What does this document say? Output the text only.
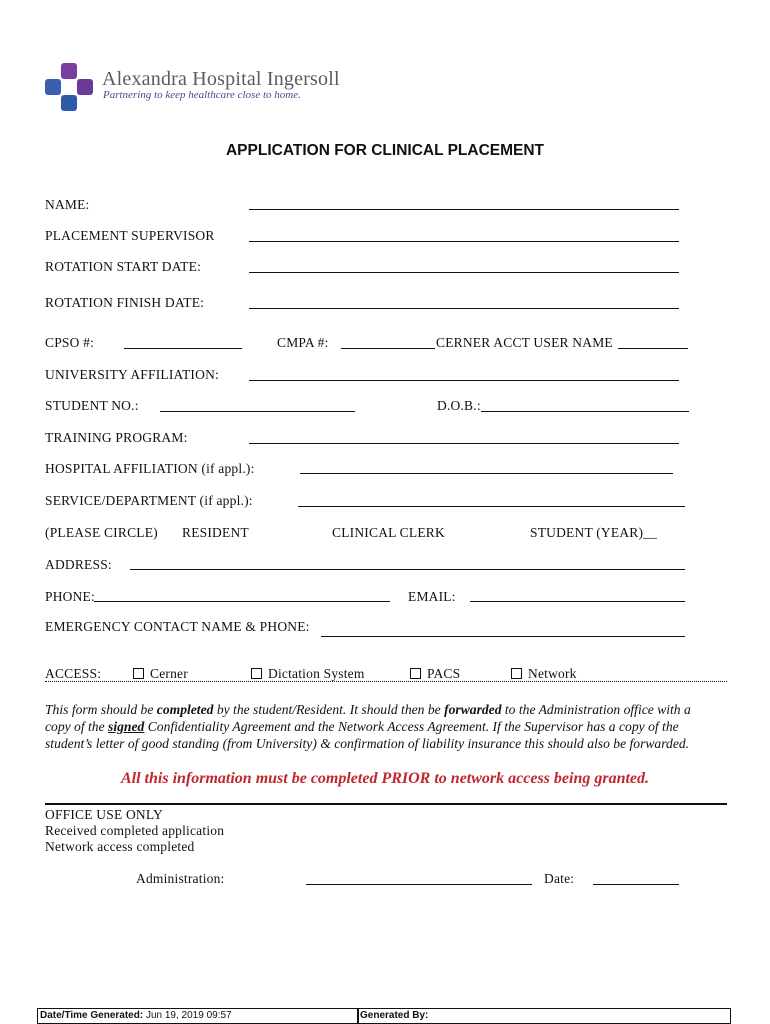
Alexandra Hospital Ingersoll
Partnering to keep healthcare close to home.
APPLICATION FOR CLINICAL PLACEMENT
NAME:
PLACEMENT SUPERVISOR
ROTATION START DATE:
ROTATION FINISH DATE:
CPSO #:	CMPA #:	CERNER ACCT USER NAME
UNIVERSITY AFFILIATION:
STUDENT NO.:	D.O.B.:
TRAINING PROGRAM:
HOSPITAL AFFILIATION (if appl.):
SERVICE/DEPARTMENT (if appl.):
(PLEASE CIRCLE) RESIDENT	CLINICAL CLERK	STUDENT (YEAR)__
ADDRESS:
PHONE:	EMAIL:
EMERGENCY CONTACT NAME & PHONE:
ACCESS:	Cerner	Dictation System	PACS	Network
This form should be completed by the student/Resident. It should then be forwarded to the Administration office with a copy of the signed Confidentiality Agreement and the Network Access Agreement. If the Supervisor has a copy of the student’s letter of good standing (from University) & confirmation of liability insurance this should also be forwarded.
All this information must be completed PRIOR to network access being granted.
OFFICE USE ONLY
Received completed application
Network access completed
Administration:	Date:
Date/Time Generated: Jun 19, 2019 09:57	Generated By:
